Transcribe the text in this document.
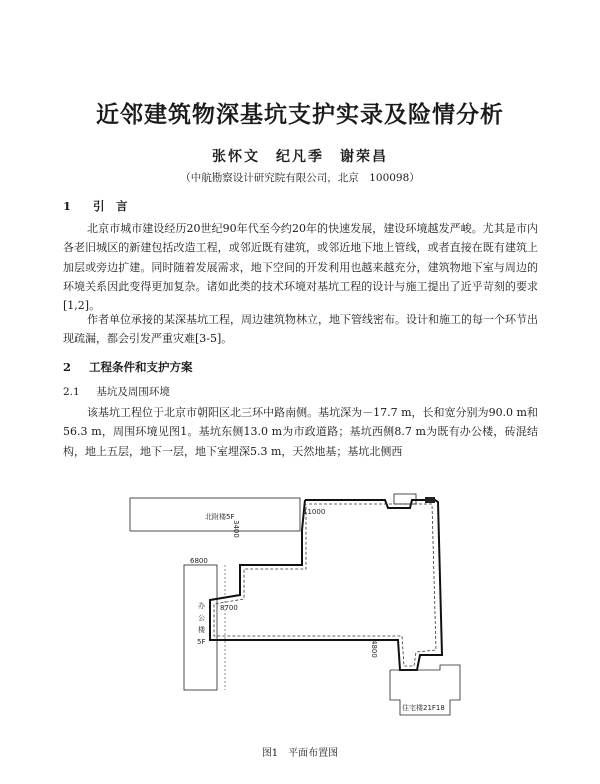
近邻建筑物深基坑支护实录及险情分析
张怀文　纪凡季　谢荣昌
（中航勘察设计研究院有限公司，北京　100098）
1 引　言
北京市城市建设经历20世纪90年代至今约20年的快速发展，建设环境越发严峻。尤其是市内各老旧城区的新建包括改造工程，或邻近既有建筑，或邻近地下地上管线，或者直接在既有建筑上加层或旁边扩建。同时随着发展需求，地下空间的开发利用也越来越充分，建筑物地下室与周边的环境关系因此变得更加复杂。诸如此类的技术环境对基坑工程的设计与施工提出了近乎苛刻的要求[1,2]。
作者单位承接的某深基坑工程，周边建筑物林立，地下管线密布。设计和施工的每一个环节出现疏漏，都会引发严重灾难[3-5]。
2 工程条件和支护方案
2.1 基坑及周围环境
该基坑工程位于北京市朝阳区北三环中路南侧。基坑深为－17.7 m，长和宽分别为90.0 m和56.3 m，周围环境见图1。基坑东侧13.0 m为市政道路；基坑西侧8.7 m为既有办公楼，砖混结构，地上五层，地下一层，地下室埋深5.3 m，天然地基；基坑北侧西
北附楼5F
办
公
楼
5F
住宅楼21F18
11000
3400
6800
8700
4800
图1　平面布置图
